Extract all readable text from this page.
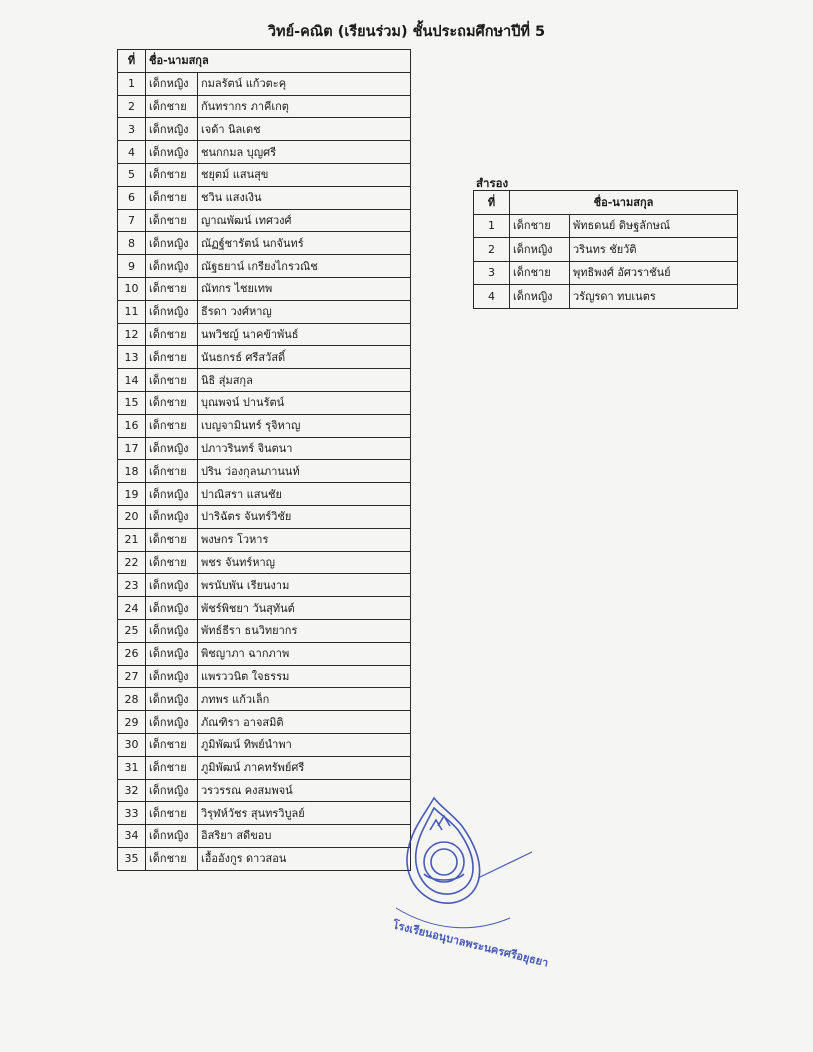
วิทย์-คณิต (เรียนร่วม) ชั้นประถมศึกษาปีที่ 5
ที่	ชื่อ-นามสกุล	
1	เด็กหญิง	กมลรัตน์ แก้วตะคุ
2	เด็กชาย	กันทรากร ภาคีเกตุ
3	เด็กหญิง	เจด้า นิลเดช
4	เด็กหญิง	ชนกกมล บุญศรี
5	เด็กชาย	ชยุตม์ แสนสุข
6	เด็กชาย	ชวิน แสงเงิน
7	เด็กชาย	ญาณพัฒน์ เทศวงศ์
8	เด็กหญิง	ณัฏฐ์ชารัตน์ นกจันทร์
9	เด็กหญิง	ณัฐธยาน์ เกรียงไกรวณิช
10	เด็กชาย	ณัทกร ไชยเทพ
11	เด็กหญิง	ธีรดา วงศ์หาญ
12	เด็กชาย	นพวิชญ์ นาคข้าพันธ์
13	เด็กชาย	นันธกรธ์ ศรีสวัสดิ์
14	เด็กชาย	นิธิ สุ่มสกุล
15	เด็กชาย	บุณพจน์ ปานรัตน์
16	เด็กชาย	เบญจามินทร์ รุจิหาญ
17	เด็กหญิง	ปภาวรินทร์ จินตนา
18	เด็กชาย	ปริน ว่องกุลนภานนท์
19	เด็กหญิง	ปาณิสรา แสนชัย
20	เด็กหญิง	ปาริฉัตร จันทร์วิชัย
21	เด็กชาย	พงษกร โวหาร
22	เด็กชาย	พชร จันทร์หาญ
23	เด็กหญิง	พรนับพัน เรียนงาม
24	เด็กหญิง	พัชร์พิชยา วันสุทันต์
25	เด็กหญิง	พัทธ์ธีรา ธนวิทยากร
26	เด็กหญิง	พิชญาภา ฉากภาพ
27	เด็กหญิง	แพรววนิต ใจธรรม
28	เด็กหญิง	ภทพร แก้วเล็ก
29	เด็กหญิง	ภัณฑิรา อาจสมิติ
30	เด็กชาย	ภูมิพัฒน์ ทิพย์นำพา
31	เด็กชาย	ภูมิพัฒน์ ภาคทรัพย์ศรี
32	เด็กหญิง	วรวรรณ คงสมพจน์
33	เด็กชาย	วิรุฬห์วัชร สุนทรวิบูลย์
34	เด็กหญิง	อิสริยา สดีขอบ
35	เด็กชาย	เอื้ออังกูร ดาวสอน
สำรอง
ที่	ชื่อ-นามสกุล	
1	เด็กชาย	พัทธดนย์ ดิษฐลักษณ์
2	เด็กหญิง	วรินทร ชัยวัติ
3	เด็กชาย	พุทธิพงศ์ อัศวราชันย์
4	เด็กหญิง	วรัญรดา ทบเนตร
โรงเรียนอนุบาลพระนครศรีอยุธยา
